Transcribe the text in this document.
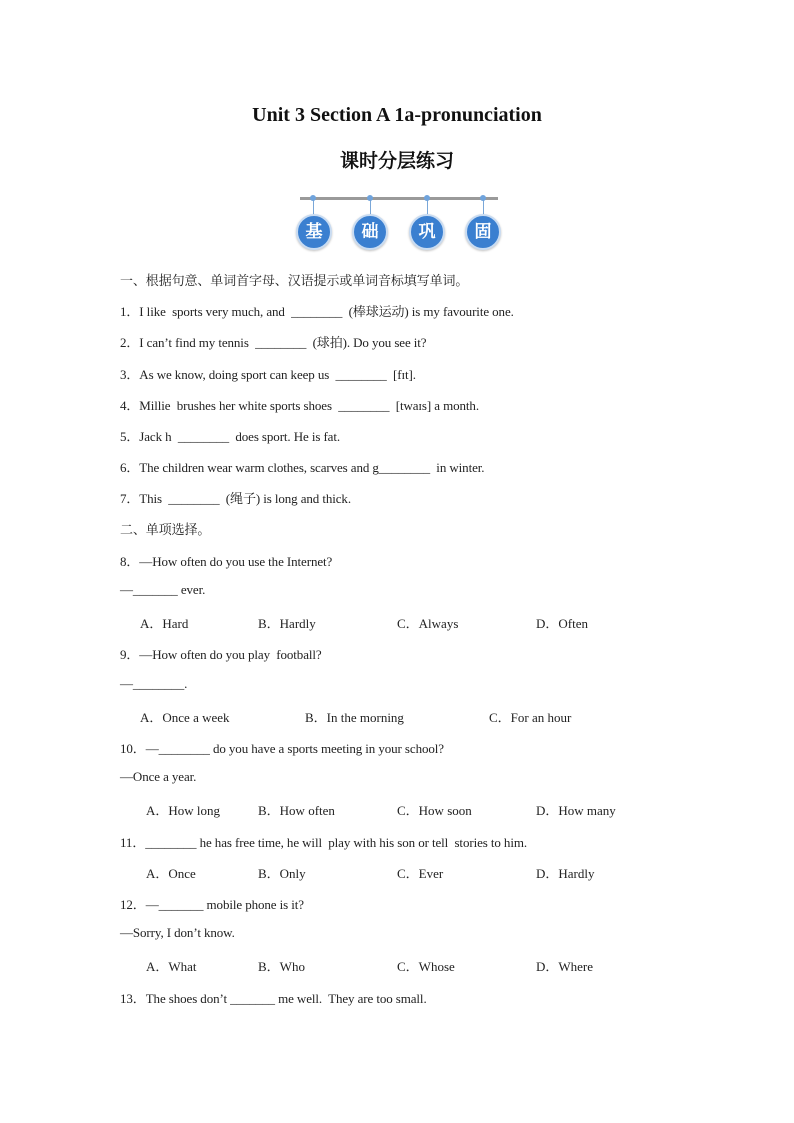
Unit 3 Section A 1a-pronunciation
课时分层练习
基	础	巩	固
一、根据句意、单词首字母、汉语提示或单词音标填写单词。
1．I like  sports very much, and  ________  (棒球运动) is my favourite one.
2．I can’t find my tennis  ________  (球拍). Do you see it?
3．As we know, doing sport can keep us  ________  [fɪt].
4．Millie  brushes her white sports shoes  ________  [twaɪs] a month.
5．Jack h  ________  does sport. He is fat.
6．The children wear warm clothes, scarves and g________  in winter.
7．This  ________  (绳子) is long and thick.
二、单项选择。
8．—How often do you use the Internet?
—_______ ever.
A．Hard	B．Hardly	C．Always	D．Often
9．—How often do you play  football?
—________.
A．Once a week	B．In the morning	C．For an hour
10．—________ do you have a sports meeting in your school?
—Once a year.
A．How long	B．How often	C．How soon	D．How many
11．________ he has free time, he will  play with his son or tell  stories to him.
A．Once	B．Only	C．Ever	D．Hardly
12．—_______ mobile phone is it?
—Sorry, I don’t know.
A．What	B．Who	C．Whose	D．Where
13．The shoes don’t _______ me well.  They are too small.
